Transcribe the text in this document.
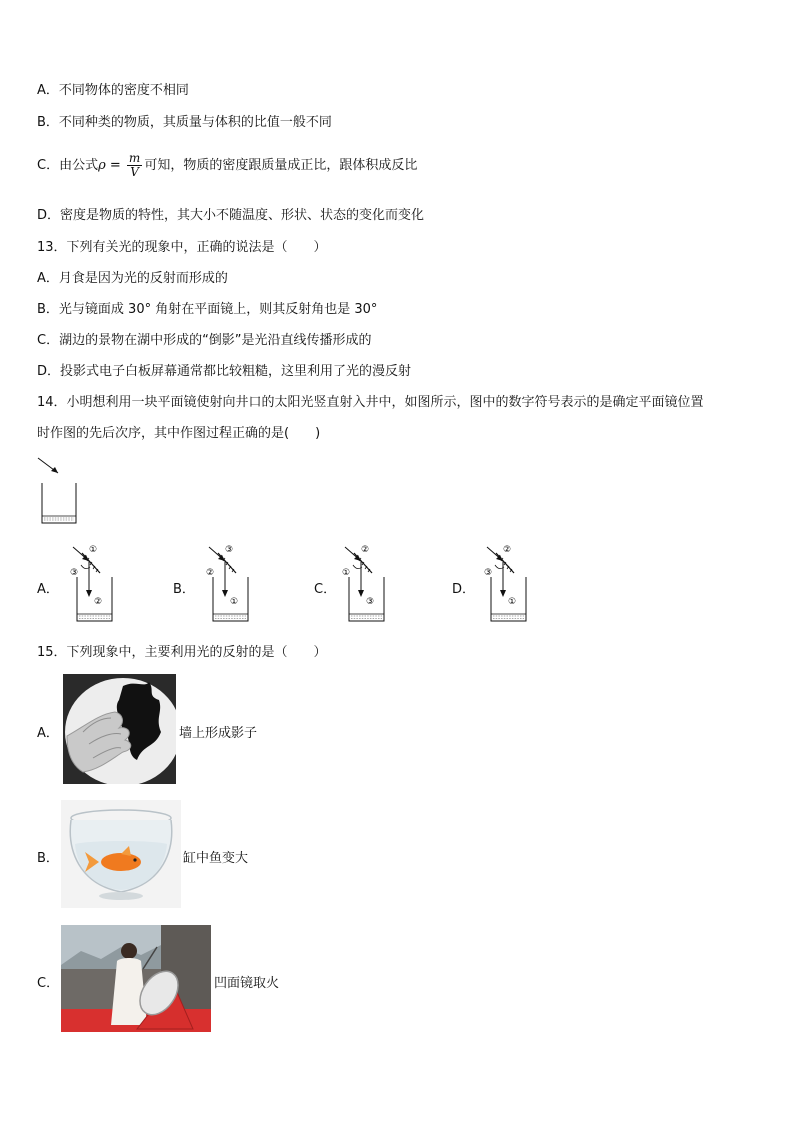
A．不同物体的密度不相同
B．不同种类的物质，其质量与体积的比值一般不同
C．由公式$\rho = \frac{m}{V}$ 可知，物质的密度跟质量成正比，跟体积成反比
D．密度是物质的特性，其大小不随温度、形状、状态的变化而变化
13．下列有关光的现象中，正确的说法是（　　）
A．月食是因为光的反射而形成的
B．光与镜面成 30° 角射在平面镜上，则其反射角也是 30°
C．湖边的景物在湖中形成的“倒影”是光沿直线传播形成的
D．投影式电子白板屏幕通常都比较粗糙，这里利用了光的漫反射
14．小明想利用一块平面镜使射向井口的太阳光竖直射入井中，如图所示，图中的数字符号表示的是确定平面镜位置
时作图的先后次序，其中作图过程正确的是(　　)
A．	B．	C．	D．
①
③
②
③
②
①
②
①
③
②
③
①
15．下列现象中，主要利用光的反射的是（　　）
A．	墙上形成影子
B．	缸中鱼变大
C．	凹面镜取火
